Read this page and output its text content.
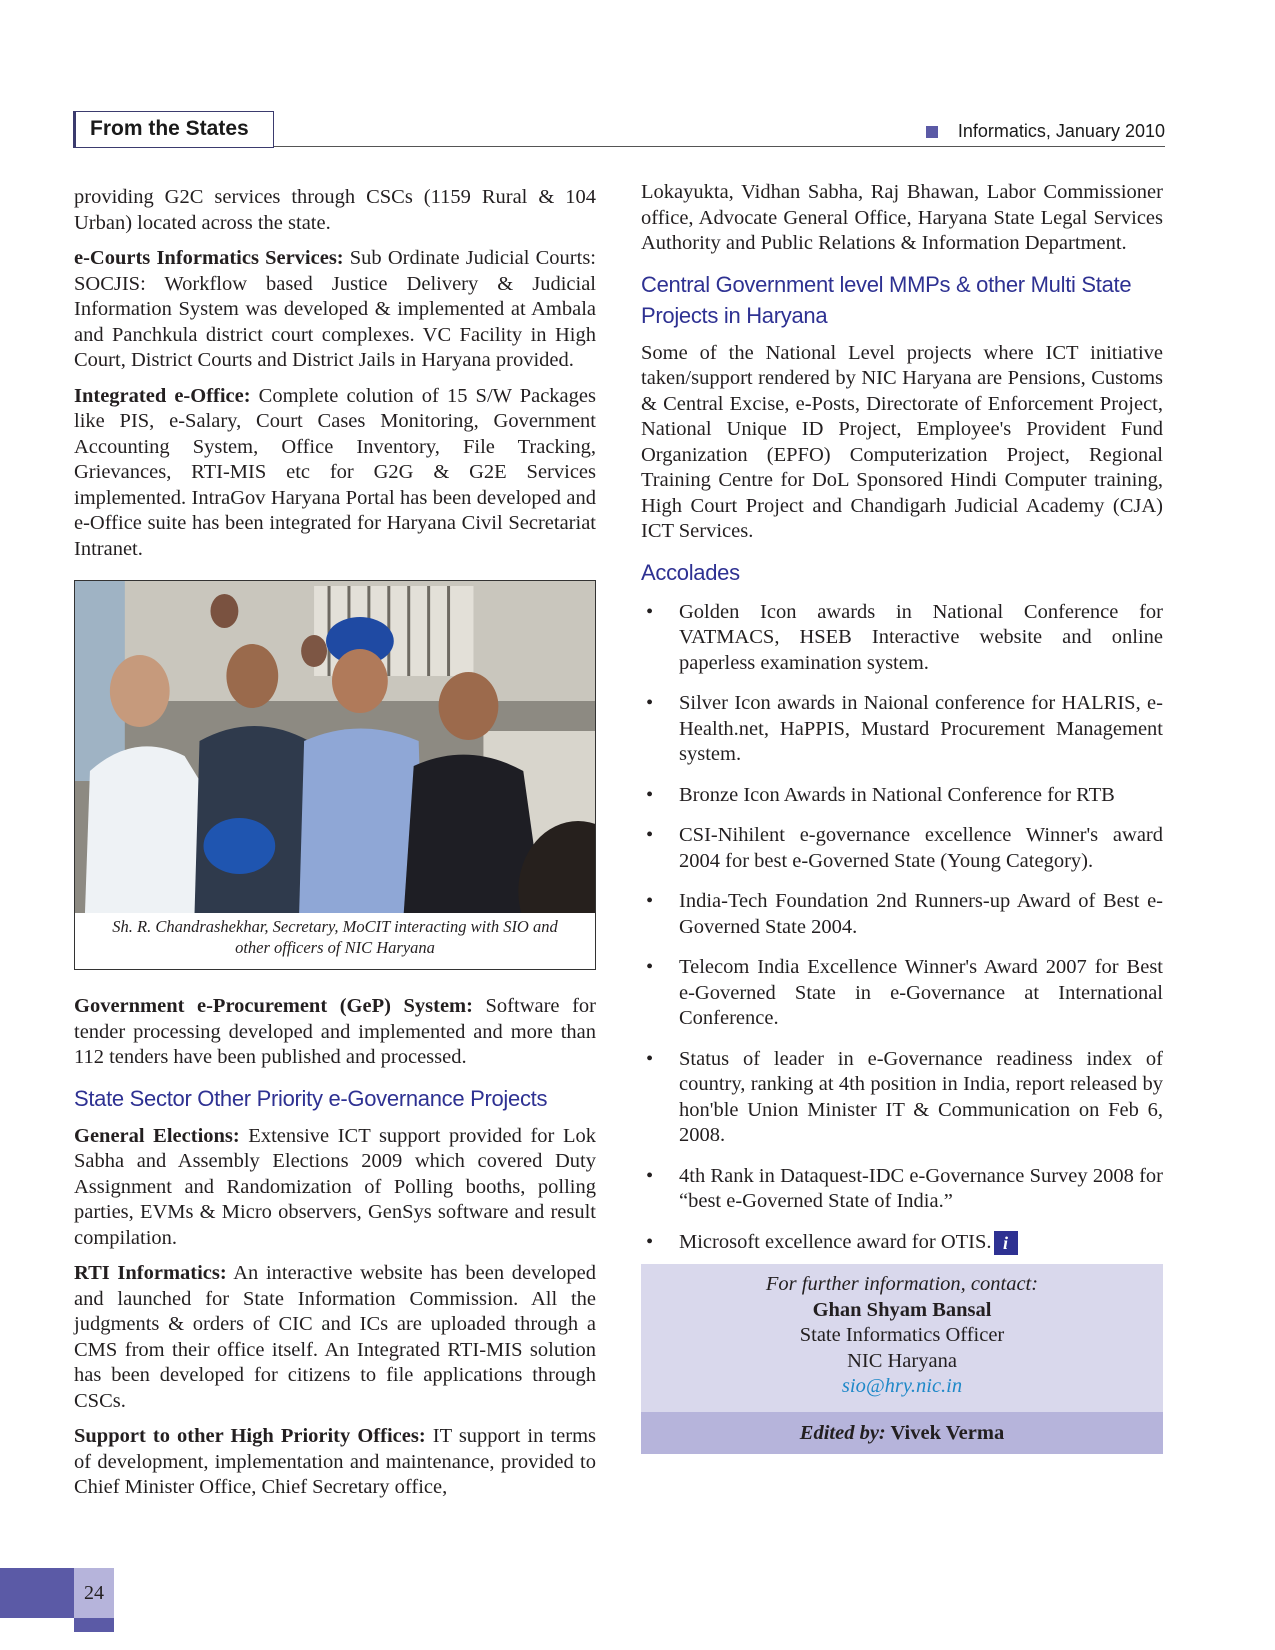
From the States	Informatics, January 2010

providing G2C services through CSCs (1159 Rural & 104 Urban) located across the state.

e-Courts Informatics Services: Sub Ordinate Judicial Courts: SOCJIS: Workflow based Justice Delivery & Judicial Information System was developed & implemented at Ambala and Panchkula district court complexes. VC Facility in High Court, District Courts and District Jails in Haryana provided.

Integrated e-Office: Complete colution of 15 S/W Packages like PIS, e-Salary, Court Cases Monitoring, Government Accounting System, Office Inventory, File Tracking, Grievances, RTI-MIS etc for G2G & G2E Services implemented. IntraGov Haryana Portal has been developed and e-Office suite has been integrated for Haryana Civil Secretariat Intranet.

Sh. R. Chandrashekhar, Secretary, MoCIT interacting with SIO and other officers of NIC Haryana

Government e-Procurement (GeP) System: Software for tender processing developed and implemented and more than 112 tenders have been published and processed.

State Sector Other Priority e-Governance Projects

General Elections: Extensive ICT support provided for Lok Sabha and Assembly Elections 2009 which covered Duty Assignment and Randomization of Polling booths, polling parties, EVMs & Micro observers, GenSys software and result compilation.

RTI Informatics: An interactive website has been developed and launched for State Information Commission. All the judgments & orders of CIC and ICs are uploaded through a CMS from their office itself. An Integrated RTI-MIS solution has been developed for citizens to file applications through CSCs.

Support to other High Priority Offices: IT support in terms of development, implementation and maintenance, provided to Chief Minister Office, Chief Secretary office,

Lokayukta, Vidhan Sabha, Raj Bhawan, Labor Commissioner office, Advocate General Office, Haryana State Legal Services Authority and Public Relations & Information Department.

Central Government level MMPs & other Multi State Projects in Haryana

Some of the National Level projects where ICT initiative taken/support rendered by NIC Haryana are Pensions, Customs & Central Excise, e-Posts, Directorate of Enforcement Project, National Unique ID Project, Employee's Provident Fund Organization (EPFO) Computerization Project, Regional Training Centre for DoL Sponsored Hindi Computer training, High Court Project and Chandigarh Judicial Academy (CJA) ICT Services.

Accolades
• Golden Icon awards in National Conference for VATMACS, HSEB Interactive website and online paperless examination system.
• Silver Icon awards in Naional conference for HALRIS, e-Health.net, HaPPIS, Mustard Procurement Management system.
• Bronze Icon Awards in National Conference for RTB
• CSI-Nihilent e-governance excellence Winner's award 2004 for best e-Governed State (Young Category).
• India-Tech Foundation 2nd Runners-up Award of Best e-Governed State 2004.
• Telecom India Excellence Winner's Award 2007 for Best e-Governed State in e-Governance at International Conference.
• Status of leader in e-Governance readiness index of country, ranking at 4th position in India, report released by hon'ble Union Minister IT & Communication on Feb 6, 2008.
• 4th Rank in Dataquest-IDC e-Governance Survey 2008 for “best e-Governed State of India.”
• Microsoft excellence award for OTIS. i
For further information, contact:
Ghan Shyam Bansal
State Informatics Officer
NIC Haryana
sio@hry.nic.in
Edited by: Vivek Verma
24
